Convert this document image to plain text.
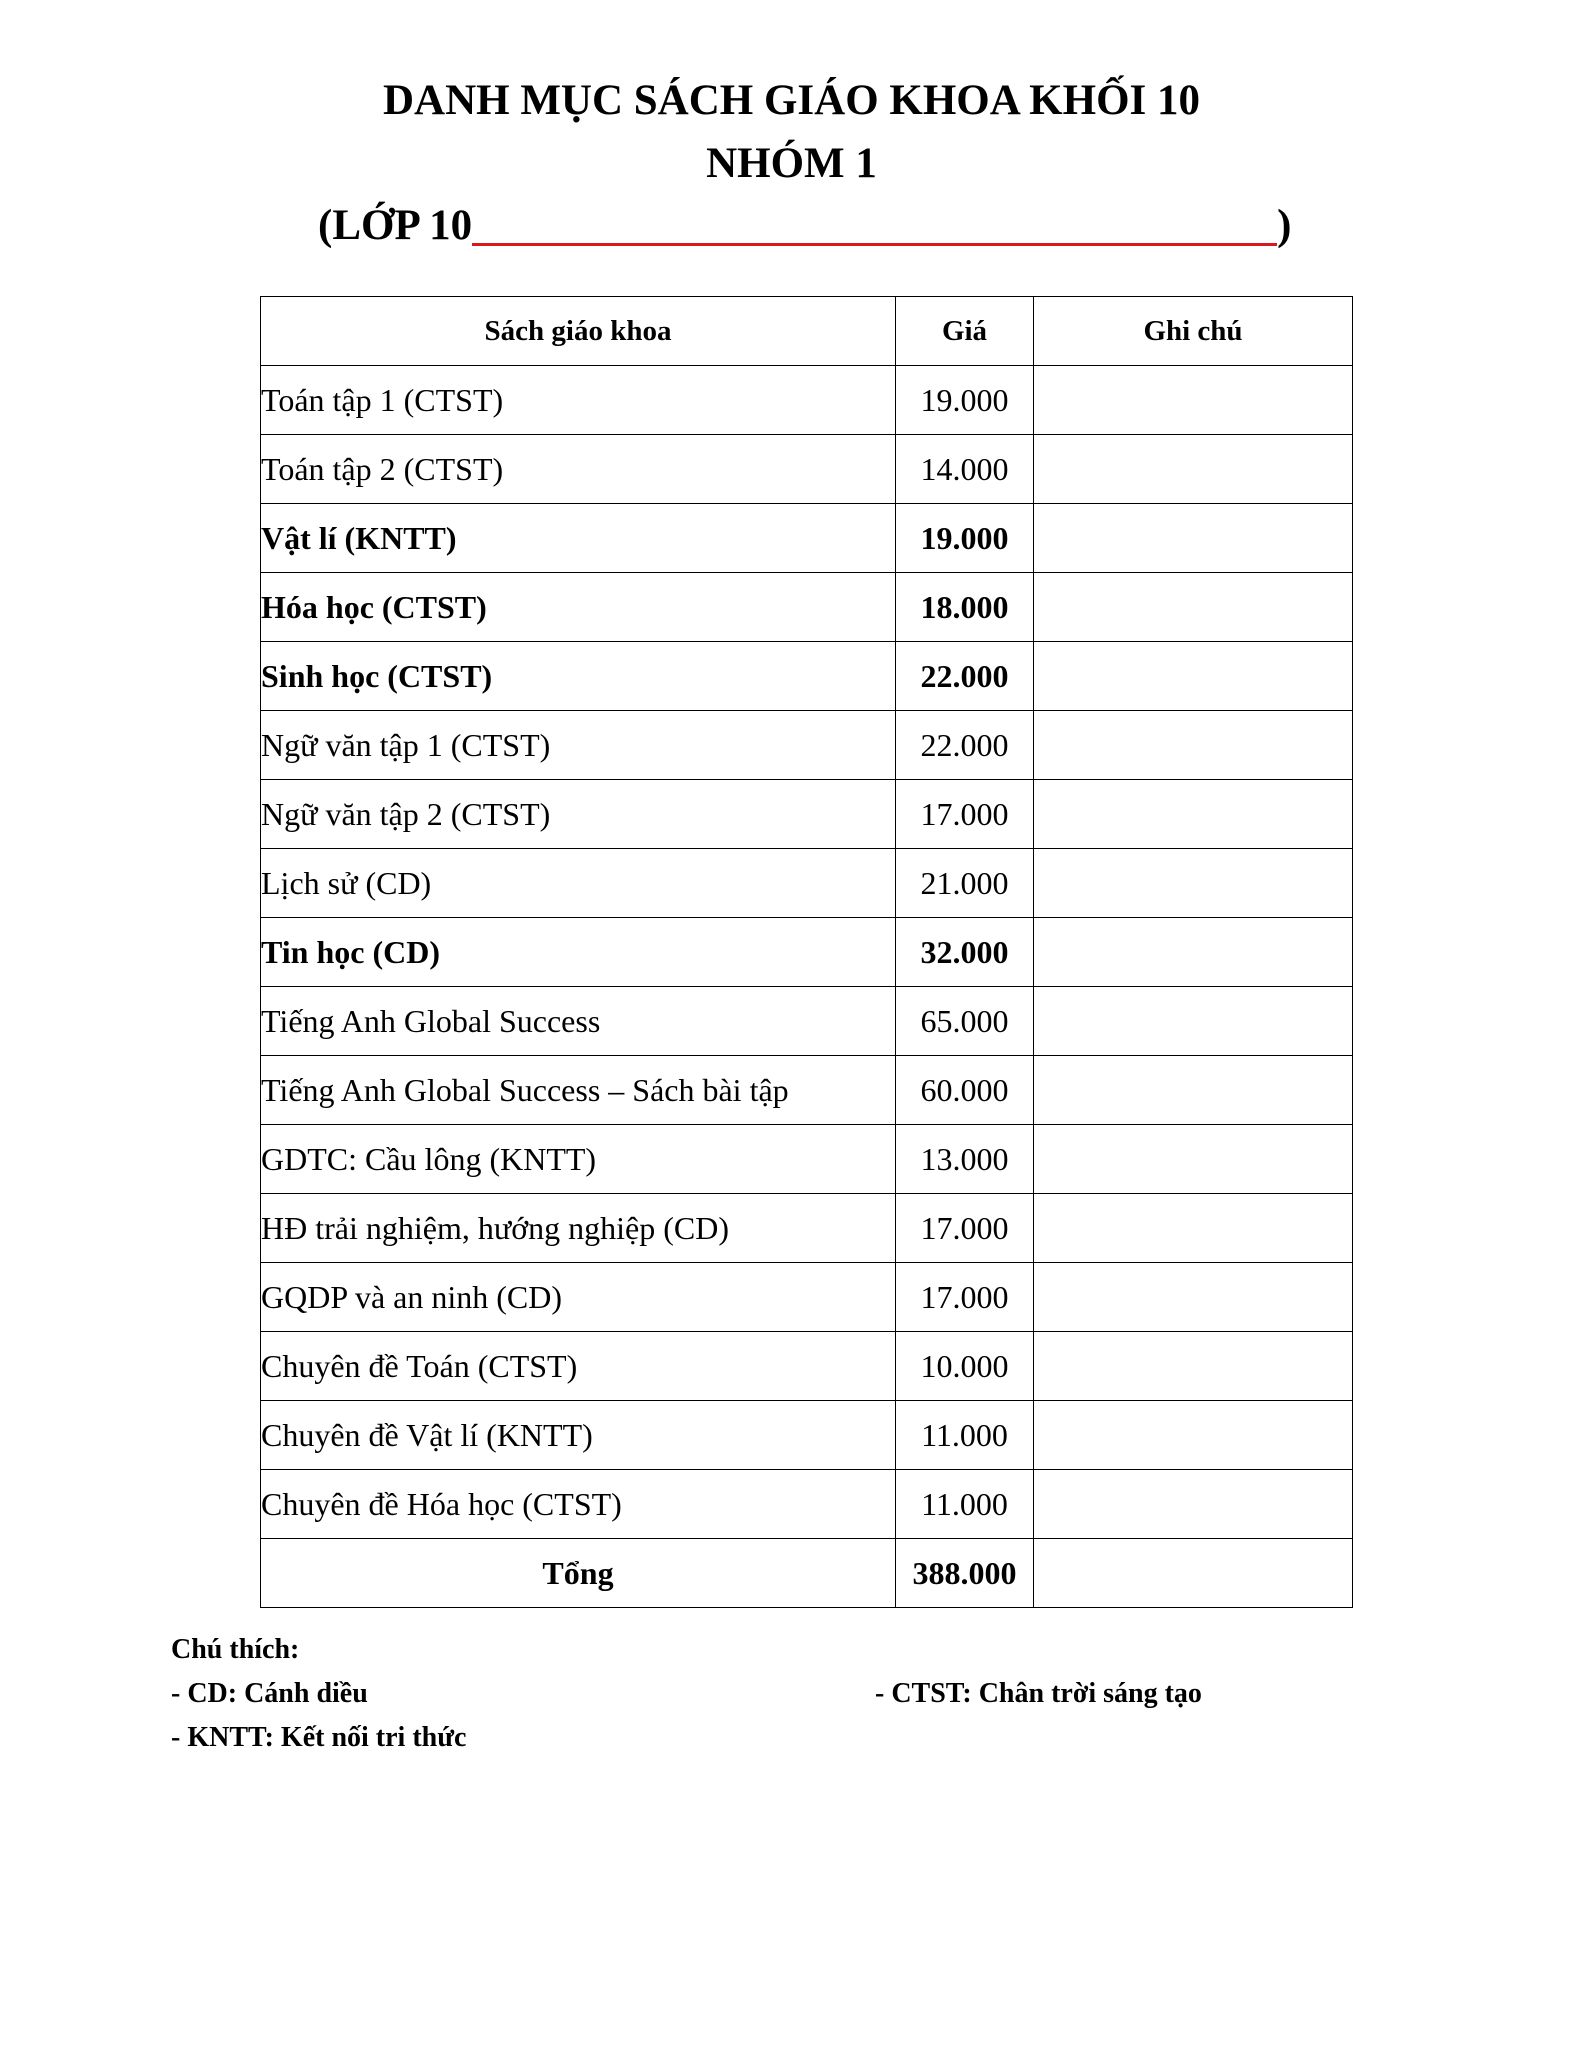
DANH MỤC SÁCH GIÁO KHOA KHỐI 10
NHÓM 1
(LỚP 10	)
Sách giáo khoa	Giá	Ghi chú
Toán tập 1 (CTST)	19.000	
Toán tập 2 (CTST)	14.000	
Vật lí (KNTT)	19.000	
Hóa học (CTST)	18.000	
Sinh học (CTST)	22.000	
Ngữ văn tập 1 (CTST)	22.000	
Ngữ văn tập 2 (CTST)	17.000	
Lịch sử (CD)	21.000	
Tin học (CD)	32.000	
Tiếng Anh Global Success	65.000	
Tiếng Anh Global Success – Sách bài tập	60.000	
GDTC: Cầu lông (KNTT)	13.000	
HĐ trải nghiệm, hướng nghiệp (CD)	17.000	
GQDP và an ninh (CD)	17.000	
Chuyên đề Toán (CTST)	10.000	
Chuyên đề Vật lí (KNTT)	11.000	
Chuyên đề Hóa học (CTST)	11.000	
Tổng	388.000	
Chú thích:
- CD: Cánh diều
- KNTT: Kết nối tri thức
- CTST: Chân trời sáng tạo
